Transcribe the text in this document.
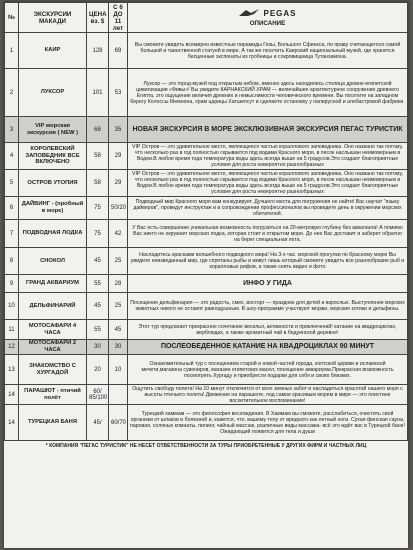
№	ЭКСКУРСИИ МАКАДИ	ЦЕНА вз. $	С 6 ДО 11 лет	PEGAS
ОПИСАНИЕ

1	КАИР	128	69	Вы сможете увидеть всемирно известные пирамиды Гизы, Большого Сфинкса, по праву считающегося самой большой и таинственной статуей в мире. А так же посетить Каирский национальный музей, где хранятся бесценные экспонаты из гробницы и сокровищница Тутанхамона.
2	ЛУКСОР	101	53	Луксор — это город-музей под открытым небом, именно здесь находились столица древне-египетской цивилизации «Фивы»! Вы увидите КАРНАКСКИЙ ХРАМ — величайшее архитектурное сооружение древнего Египта, это ощущение величия древних и немыслимости человеческого времени. Вы посетите на западном берегу Колоссы Мемнона, храм царицы Хатшепсут и сделаете остановку у папирусной и алебастровой фабрики.
3	VIP морская экскурсия ( NEW )	68	35	НОВАЯ ЭКСКУРСИЯ В МОРЕ ЭКСКЛЮЗИВНАЯ ЭКСКУРСИЯ ПЕГАС ТУРИСТИК
4	КОРОЛЕВСКИЙ ЗАПОВЕДНИК ВСЕ ВКЛЮЧЕНО	58	29	VIP Остров — это удивительное место, являющееся частью кораллового заповедника. Оно названо так потому, что несколько раз в год полностью скрывается под водами Красного моря, в песок наслышан неимоверным в Водеи.В любое время года температура воды здесь всегда выше на 5 градусов.Это создает благоприятные условия для роста невероятно разнообразных
5	ОСТРОВ УТОПИЯ	58	29	VIP Остров — это удивительное место, являющееся частью кораллового заповедника. Оно названо так потому, что несколько раз в год полностью скрывается под водами Красного моря, в песок наслышан неимоверным в Водеи.В любое время года температура воды здесь всегда выше на 5 градусов.Это создает благоприятные условия для роста невероятно разнообразных
6	ДАЙВИНГ - (пробный в море)	75	50/20	Подводный мир Красного моря вам конкурирует. Дучшего места для погружения не найти! Вас научат "языку дайверов", проведут инструктаж и в сопровождении профессионалов вы проведете день в окружении морских обитателей.
7	ПОДВОДНАЯ ЛОДКА	75	42	У Вас есть совершение уникальная возможность погрузиться на 20-метровую глубину без акваланга! А помимо Вас никто не окружает морская лодка, которая стоит в открытом море. До нее Вас доставит и заберет обратно на берег специальная яхта.
8	СНОКОЛ	45	25	Насладитесь красками волшебного подводного мира! На 3-х час. морской прогулки по Красному морю Вы увидите неизведанный мир, где спрятаны рыбы и живут лишь который сможете увидеть все разнообразие рыб и коралловых рифов, а также снять видео и фото
9	ГРАНД АКВАРИУМ	55	28	ИНФО У ГИДА
10	ДЕЛЬФИНАРИЙ	45	25	Посещение дельфинария — это радость, смех, восторг — праздник для детей и взрослых. Выступления морских животных никого не оставят равнодушным. В шоу-программе участвуют моржи, морские котики и дельфины.
11	МОТОСАФАРИ 4 ЧАСА	55	45	Этот тур предлагает прекрасное сочетание веселья, активности и приключений! катание на квадроциклах, верблюдах, а также ароматный чай в бедуинской деревне!
12	МОТОСАФАРИ 2 ЧАСА	30	30	ПОСЛЕОБЕДЕННОЕ КАТАНИЕ НА КВАДРОЦИКЛАХ 90 МИНУТ
13	ЗНАКОМСТВО С ХУРГАДОЙ	20	10	Ознакомительный тур с посещением старой и новой частей города, коптской церкви и исламской мечети,магазина сувениров, магазин египетских масел, посещение аквариума.Прекрасная возможность посмотреть Хургаду и приобрести подарки для себя и своих близких.
14	ПАРАШЮТ - птичий полёт	60/ 85/100		Ощутить свободу полета! На 10 минут отключится от всех земных забот и насладиться красотой нашего моря с высоты птичьего полета! Движение на парашюте, под самое красивым морем в мире — это поистине восхитительное воспоминание!
14	ТУРЕЦКАЯ БАНЯ	45/	60/70	Турецкий хаммам — это философия восхождения. В Хаммам вы сможете, расслабиться, очистить свой организм от шлаков и болезней и, кажется, что, вашему телу от вредного как летный ноги. Сухая финская сауна, паровая, соляных комнаты, пилинг, чайный массаж, различные виды массажа- всё это ждёт вас в Турецкой бане! Ожидающий появится для тела и души
* КОМПАНИЯ "ПЕГАС ТУРИСТИК" НЕ НЕСЕТ ОТВЕТСТВЕННОСТИ ЗА ТУРЫ ПРИОБРЕТЕННЫЕ У ДРУГИХ ФИРМ И ЧАСТНЫХ ЛИЦ
